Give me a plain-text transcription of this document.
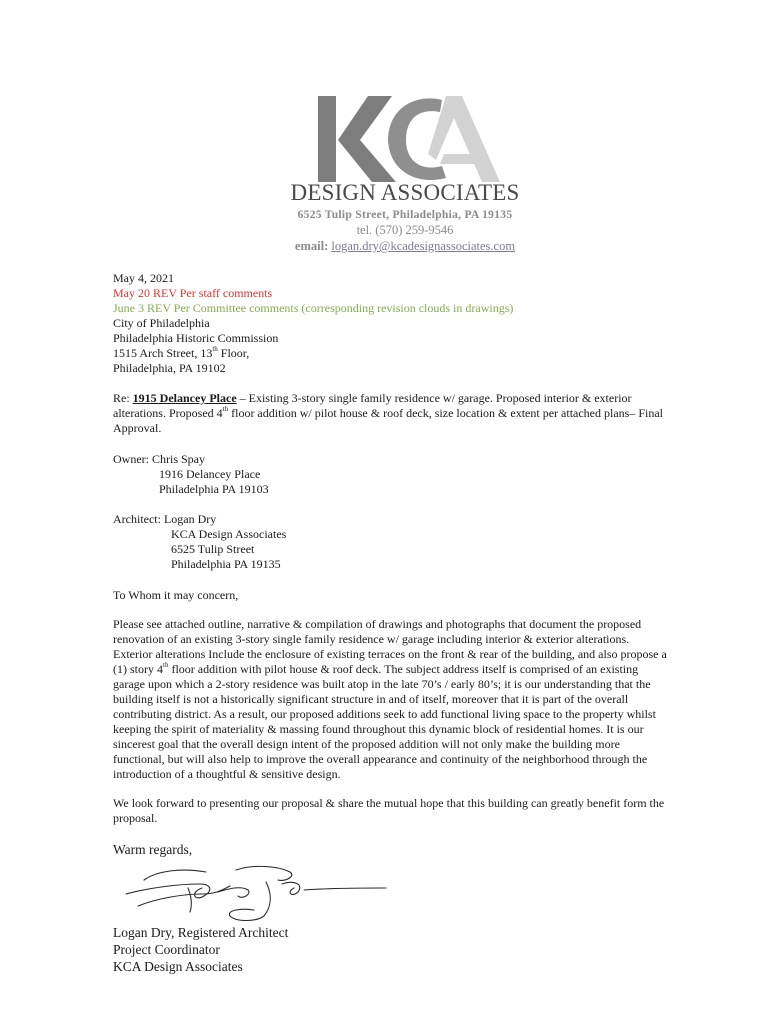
DESIGN ASSOCIATES
6525 Tulip Street, Philadelphia, PA 19135
tel. (570) 259-9546
email: logan.dry@kcadesignassociates.com
May 4, 2021
May 20 REV Per staff comments
June 3 REV Per Committee comments (corresponding revision clouds in drawings)
City of Philadelphia
Philadelphia Historic Commission
1515 Arch Street, 13th Floor,
Philadelphia, PA 19102
Re: 1915 Delancey Place – Existing 3-story single family residence w/ garage. Proposed interior & exterior
alterations. Proposed 4th floor addition w/ pilot house & roof deck, size location & extent per attached plans– Final
Approval.
Owner: Chris Spay
1916 Delancey Place
Philadelphia PA 19103
Architect: Logan Dry
KCA Design Associates
6525 Tulip Street
Philadelphia PA 19135
To Whom it may concern,
Please see attached outline, narrative & compilation of drawings and photographs that document the proposed
renovation of an existing 3-story single family residence w/ garage including interior & exterior alterations.
Exterior alterations Include the enclosure of existing terraces on the front & rear of the building, and also propose a
(1) story 4th floor addition with pilot house & roof deck. The subject address itself is comprised of an existing
garage upon which a 2-story residence was built atop in the late 70’s / early 80’s; it is our understanding that the
building itself is not a historically significant structure in and of itself, moreover that it is part of the overall
contributing district. As a result, our proposed additions seek to add functional living space to the property whilst
keeping the spirit of materiality & massing found throughout this dynamic block of residential homes. It is our
sincerest goal that the overall design intent of the proposed addition will not only make the building more
functional, but will also help to improve the overall appearance and continuity of the neighborhood through the
introduction of a thoughtful & sensitive design.
We look forward to presenting our proposal & share the mutual hope that this building can greatly benefit form the
proposal.
Warm regards,
Logan Dry, Registered Architect
Project Coordinator
KCA Design Associates
